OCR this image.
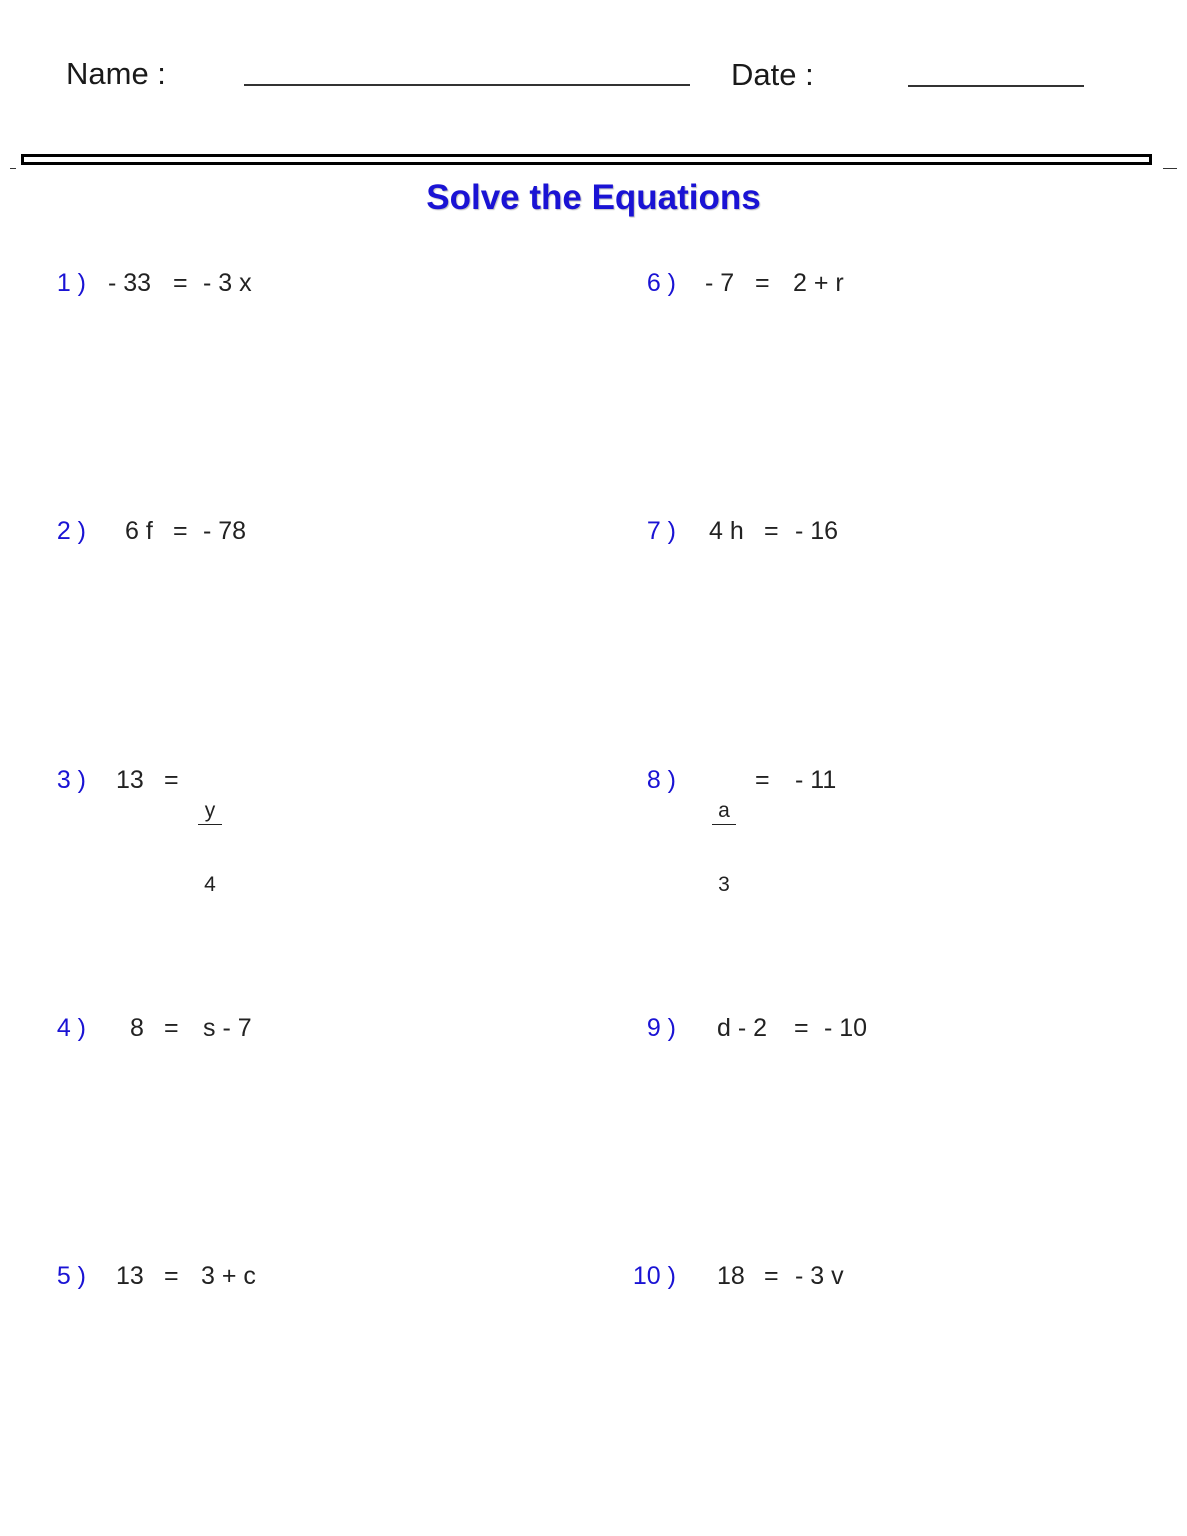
Name :	Date :
Solve the Equations

1 )

- 33

=

- 3 x

2 )

6 f

=

- 78

3 )

13

=

$\frac{y}{4}$

4 )

8

=

s - 7

5 )

13

=

3 + c

6 )

- 7

=

2 + r

7 )

4 h

=

- 16

8 )

$\frac{a}{3}$

=

- 11

9 )

d - 2

=

- 10

10 )

18

=

- 3 v
